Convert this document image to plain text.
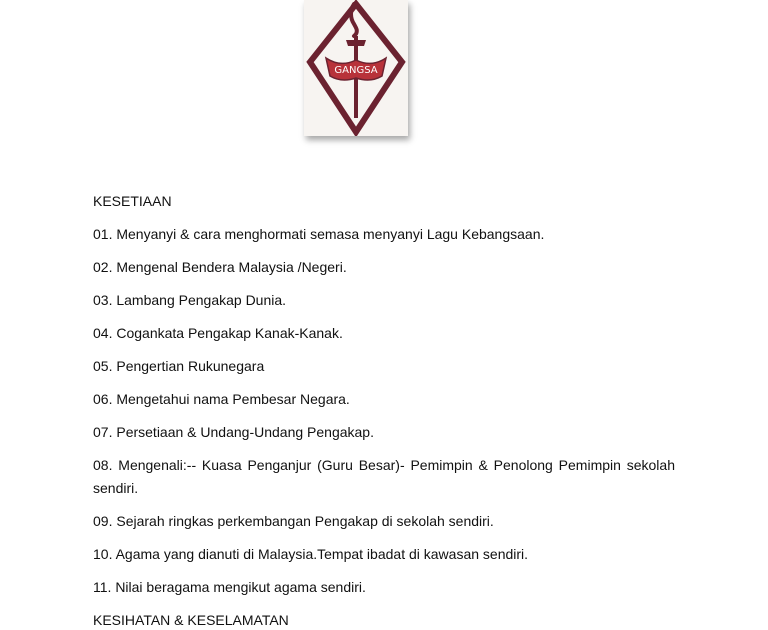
GANGSA

KESETIAAN

01. Menyanyi & cara menghormati semasa menyanyi Lagu Kebangsaan.

02. Mengenal Bendera Malaysia /Negeri.

03. Lambang Pengakap Dunia.

04. Cogankata Pengakap Kanak-Kanak.

05. Pengertian Rukunegara

06. Mengetahui nama Pembesar Negara.

07. Persetiaan & Undang-Undang Pengakap.

08. Mengenali:-- Kuasa Penganjur (Guru Besar)- Pemimpin & Penolong Pemimpin sekolah sendiri.

09. Sejarah ringkas perkembangan Pengakap di sekolah sendiri.

10. Agama yang dianuti di Malaysia.Tempat ibadat di kawasan sendiri.

11. Nilai beragama mengikut agama sendiri.

KESIHATAN & KESELAMATAN
